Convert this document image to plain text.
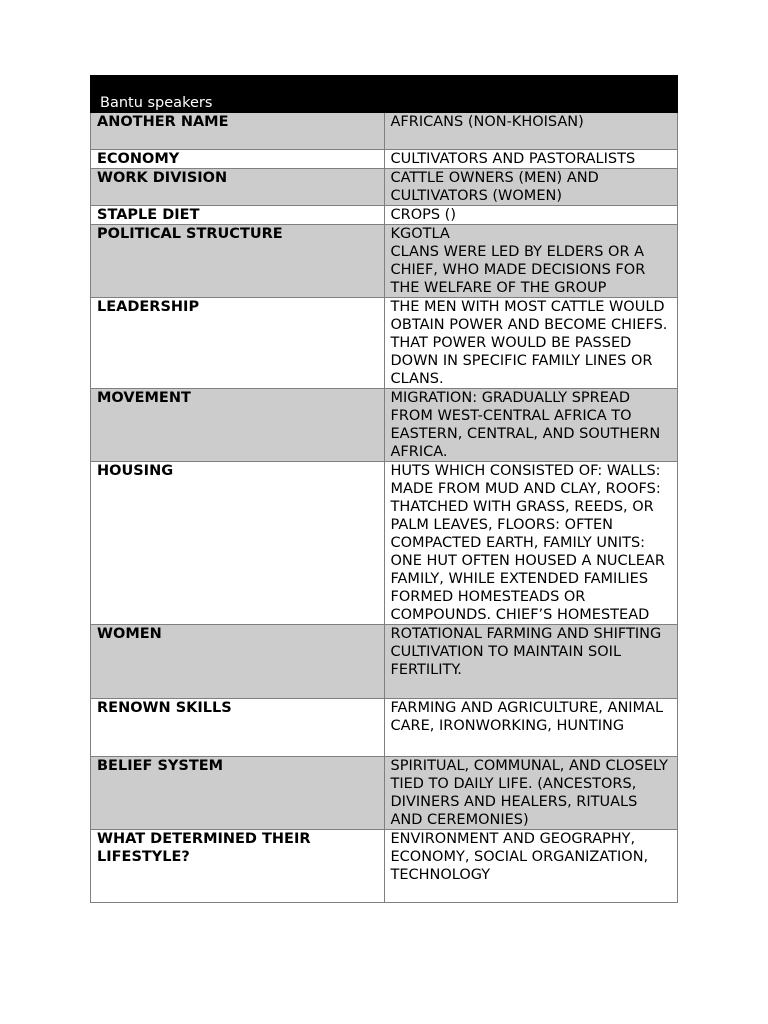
Bantu speakers	
ANOTHER NAME	AFRICANS (NON-KHOISAN)
ECONOMY	CULTIVATORS AND PASTORALISTS
WORK DIVISION	CATTLE OWNERS (MEN) AND CULTIVATORS (WOMEN)
STAPLE DIET	CROPS ()
POLITICAL STRUCTURE	KGOTLA
CLANS WERE LED BY ELDERS OR A CHIEF, WHO MADE DECISIONS FOR THE WELFARE OF THE GROUP

LEADERSHIP	THE MEN WITH MOST CATTLE WOULD OBTAIN POWER AND BECOME CHIEFS. THAT POWER WOULD BE PASSED DOWN IN SPECIFIC FAMILY LINES OR CLANS.
MOVEMENT	MIGRATION: GRADUALLY SPREAD FROM WEST-CENTRAL AFRICA TO EASTERN, CENTRAL, AND SOUTHERN AFRICA.
HOUSING	HUTS WHICH CONSISTED OF: WALLS: MADE FROM MUD AND CLAY, ROOFS: THATCHED WITH GRASS, REEDS, OR PALM LEAVES, FLOORS: OFTEN COMPACTED EARTH, FAMILY UNITS: ONE HUT OFTEN HOUSED A NUCLEAR FAMILY, WHILE EXTENDED FAMILIES FORMED HOMESTEADS OR COMPOUNDS. CHIEF’S HOMESTEAD
WOMEN	ROTATIONAL FARMING AND SHIFTING CULTIVATION TO MAINTAIN SOIL FERTILITY.
RENOWN SKILLS	FARMING AND AGRICULTURE, ANIMAL CARE, IRONWORKING, HUNTING
BELIEF SYSTEM	SPIRITUAL, COMMUNAL, AND CLOSELY TIED TO DAILY LIFE. (ANCESTORS, DIVINERS AND HEALERS, RITUALS AND CEREMONIES)
WHAT DETERMINED THEIR LIFESTYLE?	ENVIRONMENT AND GEOGRAPHY, ECONOMY, SOCIAL ORGANIZATION, TECHNOLOGY
